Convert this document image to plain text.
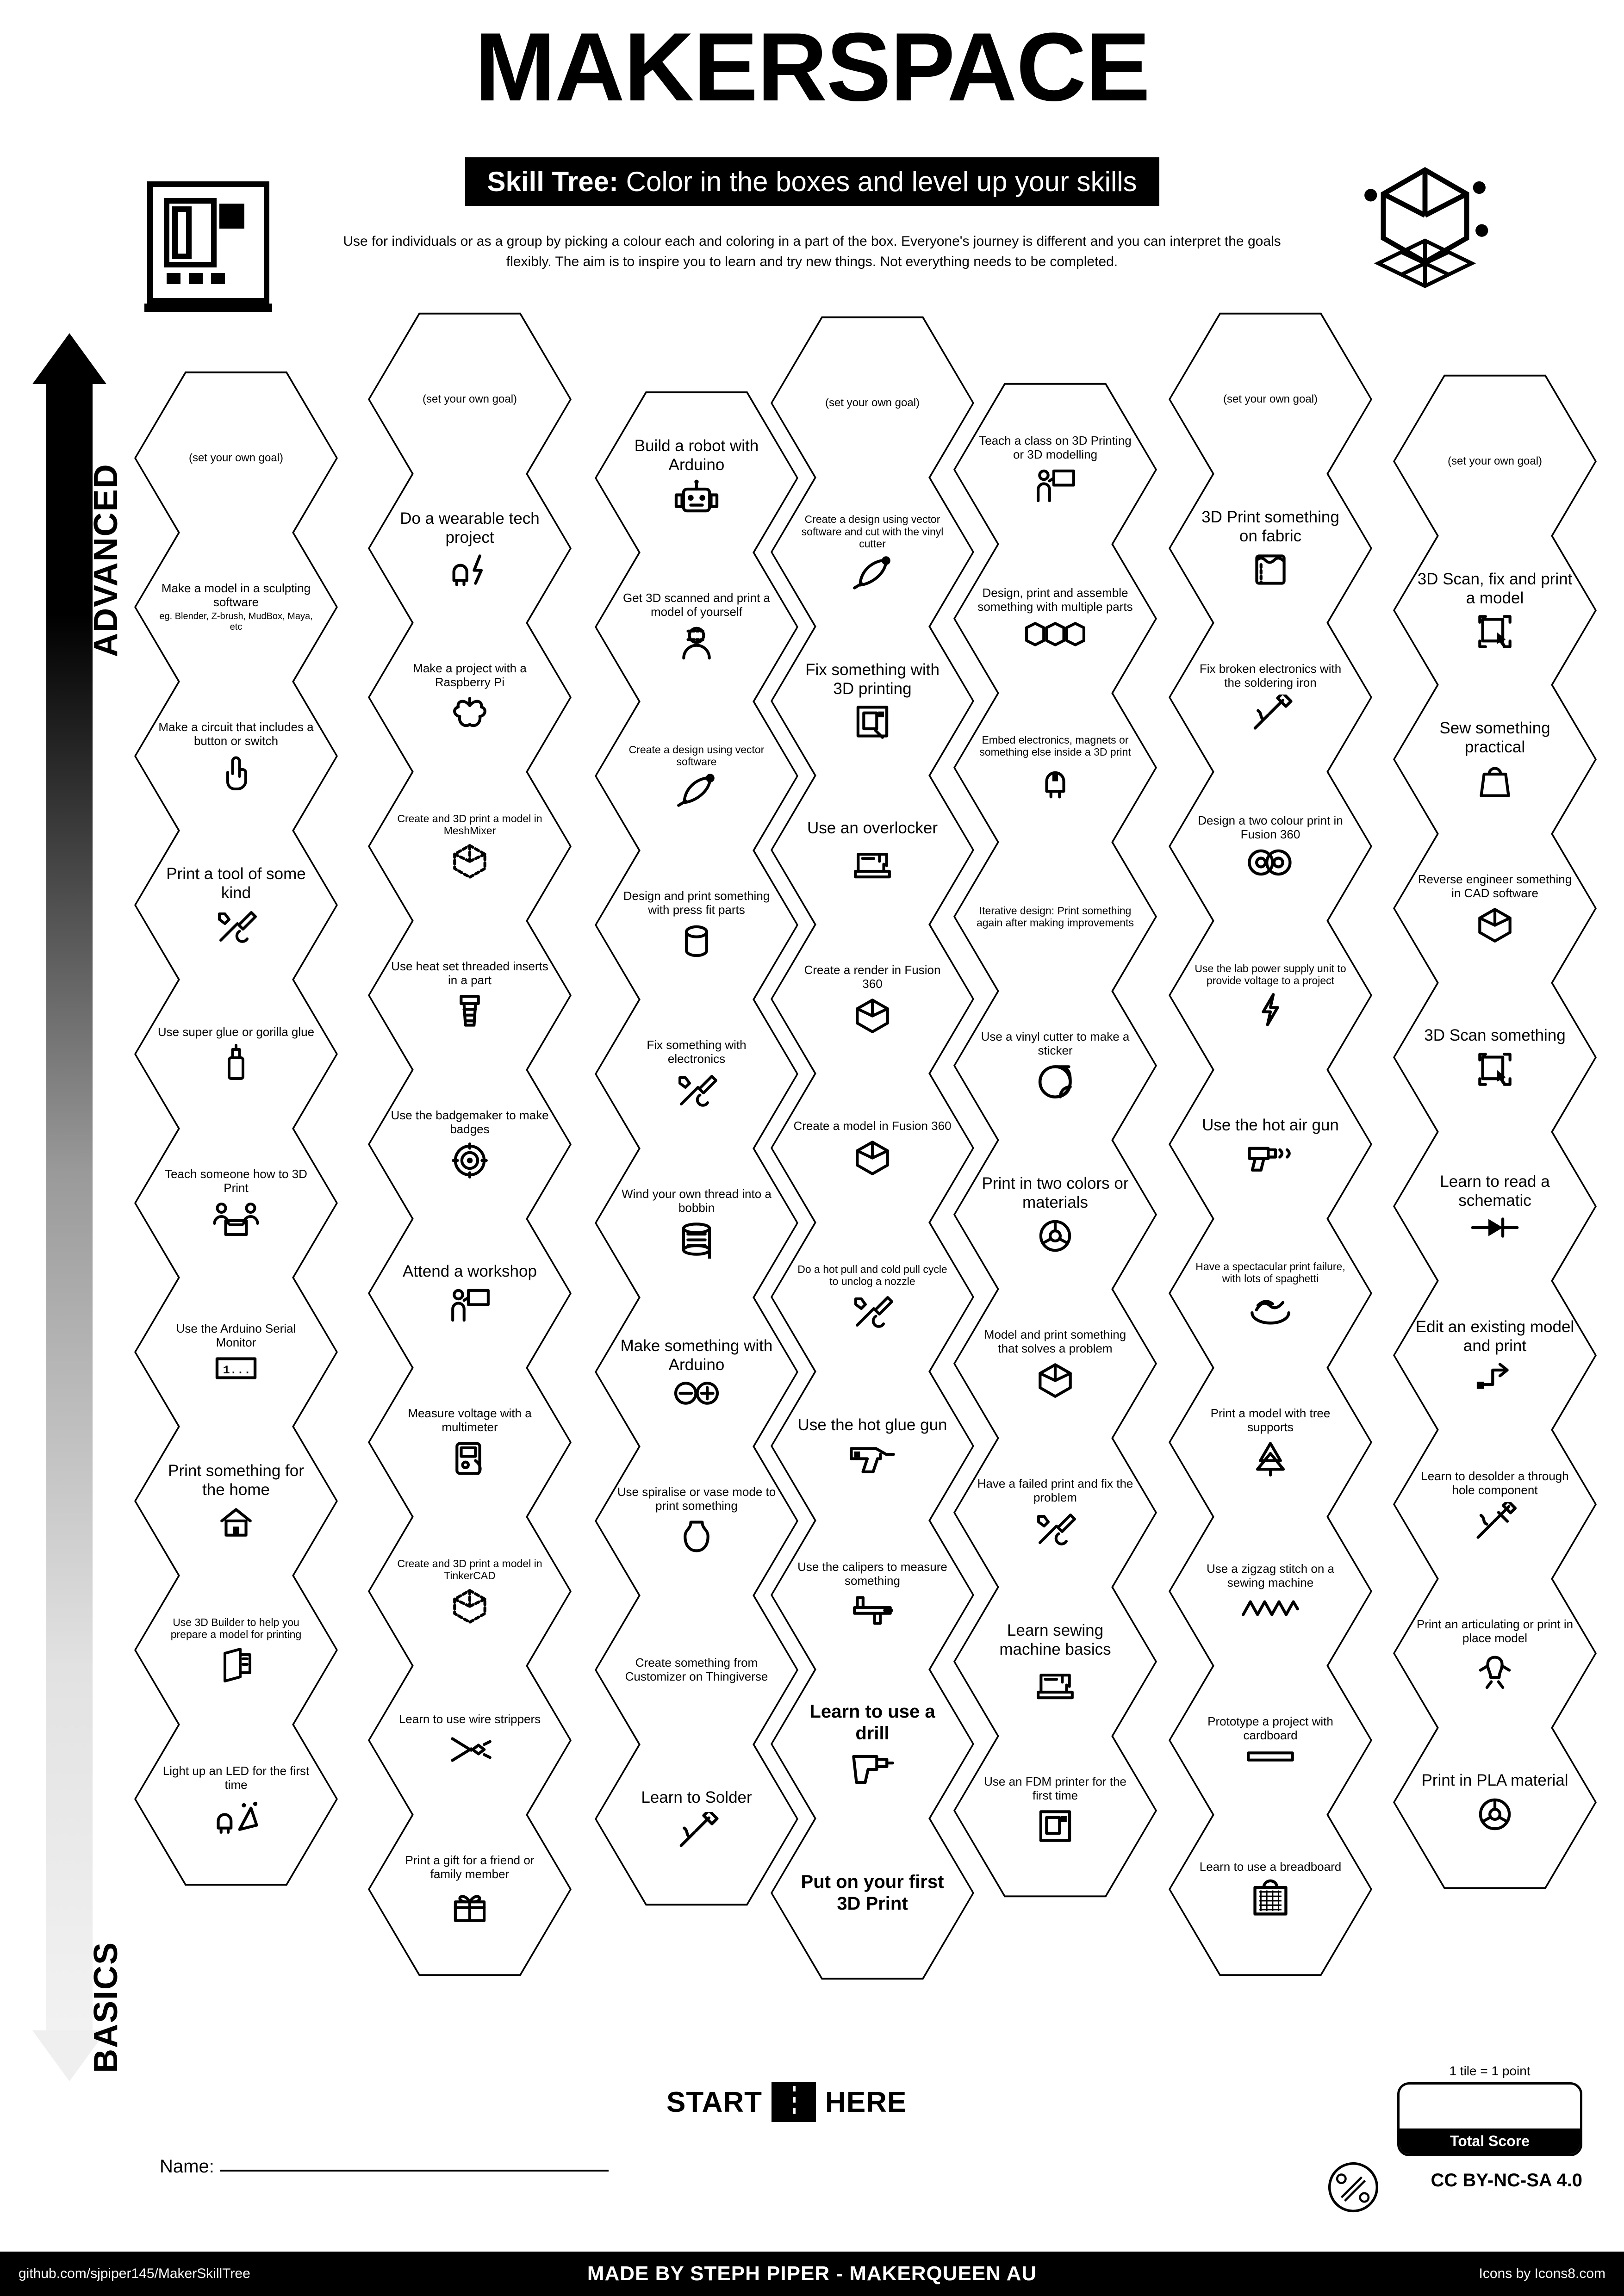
MAKERSPACE
Skill Tree: Color in the boxes and level up your skills
Use for individuals or as a group by picking a colour each and coloring in a part of the box. Everyone's journey is different and you can interpret the goals flexibly. The aim is to inspire you to learn and try new things. Not everything needs to be completed.
ADVANCED
BASICS
(set your own goal)
Make a model in a sculpting software
eg. Blender, Z-brush, MudBox, Maya, etc
Make a circuit that includes a button or switch
Print a tool of some kind
Use super glue or gorilla glue
Teach someone how to 3D Print
Use the Arduino Serial Monitor
1...
Print something for the home
Use 3D Builder to help you prepare a model for printing
Light up an LED for the first time
(set your own goal)
Do a wearable tech project
Make a project with a Raspberry Pi
Create and 3D print a model in MeshMixer
Use heat set threaded inserts in a part
Use the badgemaker to make badges
Attend a workshop
Measure voltage with a multimeter
Create and 3D print a model in TinkerCAD
Learn to use wire strippers
Print a gift for a friend or family member
Build a robot with Arduino
Get 3D scanned and print a model of yourself
Create a design using vector software
Design and print something with press fit parts
Fix something with electronics
Wind your own thread into a bobbin
Make something with Arduino
Use spiralise or vase mode to print something
Create something from Customizer on Thingiverse
Learn to Solder
(set your own goal)
Create a design using vector software and cut with the vinyl cutter
Fix something with 3D printing
Use an overlocker
Create a render in Fusion 360
Create a model in Fusion 360
Do a hot pull and cold pull cycle to unclog a nozzle
Use the hot glue gun
Use the calipers to measure something
Learn to use a drill
Put on your first 3D Print
Teach a class on 3D Printing or 3D modelling
Design, print and assemble something with multiple parts
Embed electronics, magnets or something else inside a 3D print
Iterative design: Print something again after making improvements
Use a vinyl cutter to make a sticker
Print in two colors or materials
Model and print something that solves a problem
Have a failed print and fix the problem
Learn sewing machine basics
Use an FDM printer for the first time
(set your own goal)
3D Print something on fabric
Fix broken electronics with the soldering iron
Design a two colour print in Fusion 360
Use the lab power supply unit to provide voltage to a project
Use the hot air gun
Have a spectacular print failure, with lots of spaghetti
Print a model with tree supports
Use a zigzag stitch on a sewing machine
Prototype a project with cardboard
Learn to use a breadboard
(set your own goal)
3D Scan, fix and print a model
Sew something practical
Reverse engineer something in CAD software
3D Scan something
Learn to read a schematic
Edit an existing model and print
Learn to desolder a through hole component
Print an articulating or print in place model
Print in PLA material
START HERE
Name:
1 tile = 1 point
Total Score
CC BY-NC-SA 4.0
github.com/sjpiper145/MakerSkillTree	MADE BY STEPH PIPER - MAKERQUEEN AU	Icons by Icons8.com
